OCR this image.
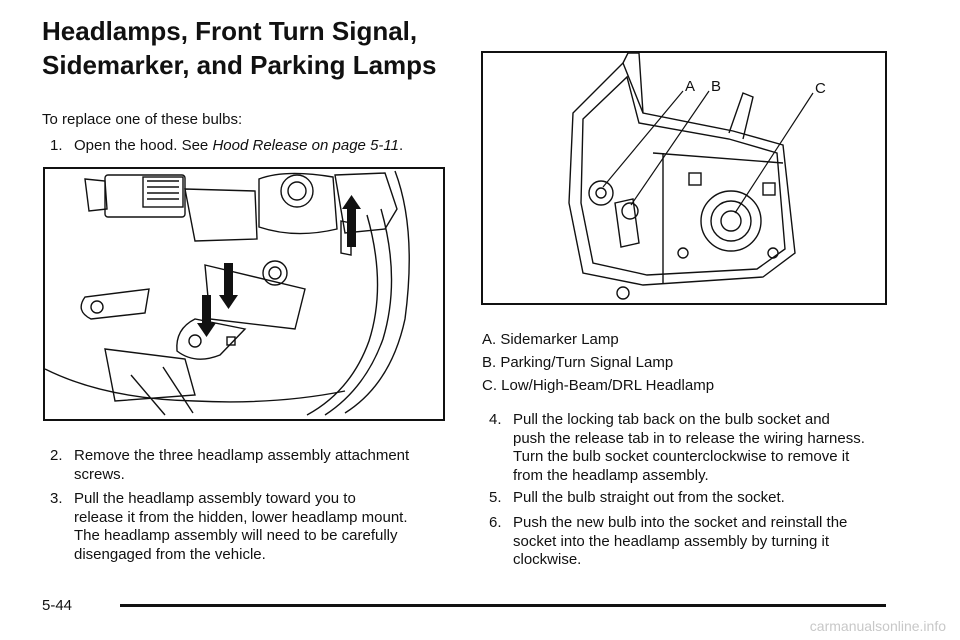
Headlamps, Front Turn Signal,
Sidemarker, and Parking Lamps
To replace one of these bulbs:
1. Open the hood. See Hood Release on page 5-11.
2. Remove the three headlamp assembly attachment
screws.
3. Pull the headlamp assembly toward you to
release it from the hidden, lower headlamp mount.
The headlamp assembly will need to be carefully
disengaged from the vehicle.
A B	C
A. Sidemarker Lamp
B. Parking/Turn Signal Lamp
C. Low/High-Beam/DRL Headlamp
4. Pull the locking tab back on the bulb socket and
push the release tab in to release the wiring harness.
Turn the bulb socket counterclockwise to remove it
from the headlamp assembly.
5. Pull the bulb straight out from the socket.
6. Push the new bulb into the socket and reinstall the
socket into the headlamp assembly by turning it
clockwise.
5-44
carmanualsonline.info
